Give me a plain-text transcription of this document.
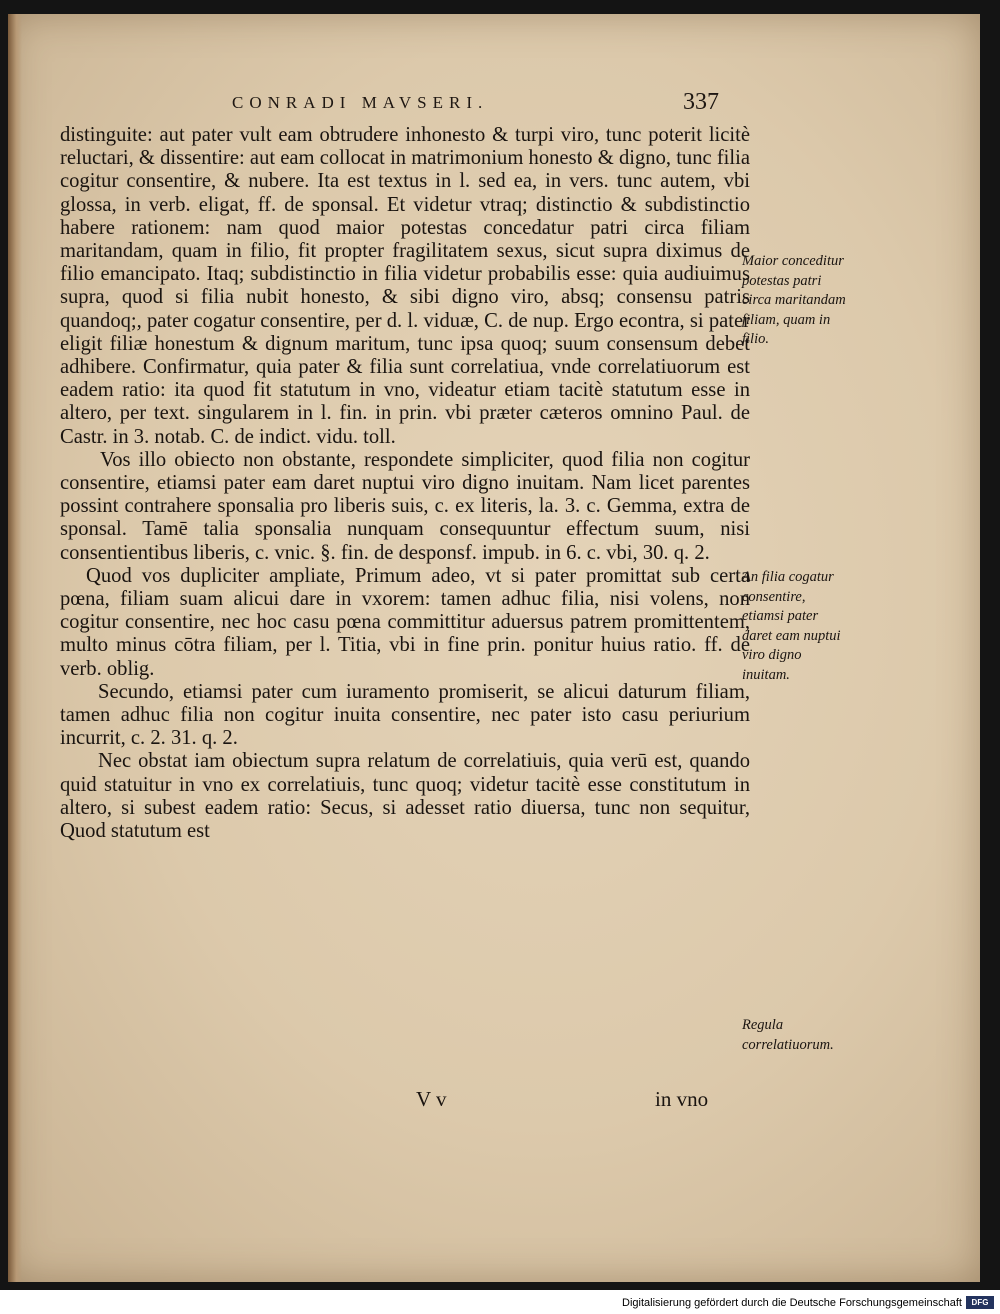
CONRADI MAVSERI.	337

distinguite: aut pater vult eam obtrudere inhonesto & turpi viro, tunc poterit licitè reluctari, & dissentire: aut eam collocat in matrimonium honesto & digno, tunc filia cogitur consentire, & nubere. Ita est textus in l. sed ea, in vers. tunc autem, vbi glossa, in verb. eligat, ff. de sponsal. Et videtur vtraq; distinctio & subdistinctio habere rationem: nam quod maior potestas concedatur patri circa filiam maritandam, quam in filio, fit propter fragilitatem sexus, sicut supra diximus de filio emancipato. Itaq; subdistinctio in filia videtur probabilis esse: quia audiuimus supra, quod si filia nubit honesto, & sibi digno viro, absq; consensu patris quandoq;, pater cogatur consentire, per d. l. viduæ, C. de nup. Ergo econtra, si pater eligit filiæ honestum & dignum maritum, tunc ipsa quoq; suum consensum debet adhibere. Confirmatur, quia pater & filia sunt correlatiua, vnde correlatiuorum est eadem ratio: ita quod fit statutum in vno, videatur etiam tacitè statutum esse in altero, per text. singularem in l. fin. in prin. vbi præter cæteros omnino Paul. de Castr. in 3. notab. C. de indict. vidu. toll.

Vos illo obiecto non obstante, respondete simpliciter, quod filia non cogitur consentire, etiamsi pater eam daret nuptui viro digno inuitam. Nam licet parentes possint contrahere sponsalia pro liberis suis, c. ex literis, la. 3. c. Gemma, extra de sponsal. Tamē talia sponsalia nunquam consequuntur effectum suum, nisi consentientibus liberis, c. vnic. §. fin. de desponsf. impub. in 6. c. vbi, 30. q. 2.

Quod vos dupliciter ampliate, Primum adeo, vt si pater promittat sub certa pœna, filiam suam alicui dare in vxorem: tamen adhuc filia, nisi volens, non cogitur consentire, nec hoc casu pœna committitur aduersus patrem promittentem, multo minus cōtra filiam, per l. Titia, vbi in fine prin. ponitur huius ratio. ff. de verb. oblig.

Secundo, etiamsi pater cum iuramento promiserit, se alicui daturum filiam, tamen adhuc filia non cogitur inuita consentire, nec pater isto casu periurium incurrit, c. 2. 31. q. 2.

Nec obstat iam obiectum supra relatum de correlatiuis, quia verū est, quando quid statuitur in vno ex correlatiuis, tunc quoq; videtur tacitè esse constitutum in altero, si subest eadem ratio: Secus, si adesset ratio diuersa, tunc non sequitur, Quod statutum est

Maior conceditur potestas patri circa maritandam filiam, quam in filio.
An filia cogatur consentire, etiamsi pater daret eam nuptui viro digno inuitam.
Regula correlatiuorum.
V v	in vno
Digitalisierung gefördert durch die Deutsche Forschungsgemeinschaft DFG
